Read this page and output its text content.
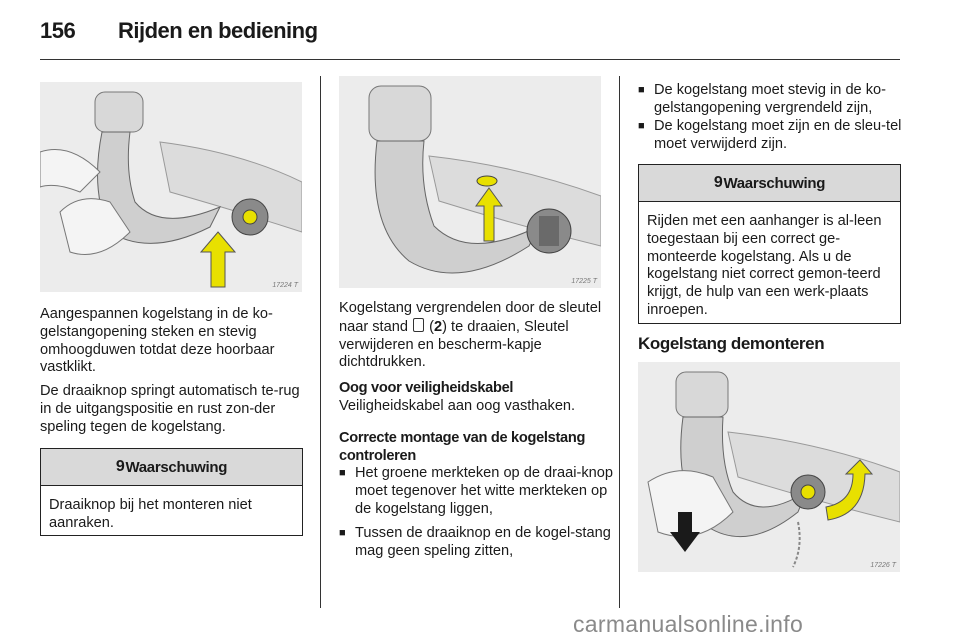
156 Rijden en bediening
17224 T
Aangespannen kogelstang in de ko-gelstangopening steken en stevig omhoogduwen totdat deze hoorbaar vastklikt.
De draaiknop springt automatisch te-rug in de uitgangspositie en rust zon-der speling tegen de kogelstang.
9 Waarschuwing
Draaiknop bij het monteren niet aanraken.
17225 T
Kogelstang vergrendelen door de sleutel naar stand (2) te draaien, Sleutel verwijderen en bescherm-kapje dichtdrukken.
Oog voor veiligheidskabel
Veiligheidskabel aan oog vasthaken.
Correcte montage van de kogelstang controleren
■ Het groene merkteken op de draai-knop moet tegenover het witte merkteken op de kogelstang liggen,
■ Tussen de draaiknop en de kogel-stang mag geen speling zitten,
■ De kogelstang moet stevig in de ko-gelstangopening vergrendeld zijn,
■ De kogelstang moet zijn en de sleu-tel moet verwijderd zijn.
9 Waarschuwing
Rijden met een aanhanger is al-leen toegestaan bij een correct ge-monteerde kogelstang. Als u de kogelstang niet correct gemon-teerd krijgt, de hulp van een werk-plaats inroepen.
Kogelstang demonteren
17226 T
carmanualsonline.info
